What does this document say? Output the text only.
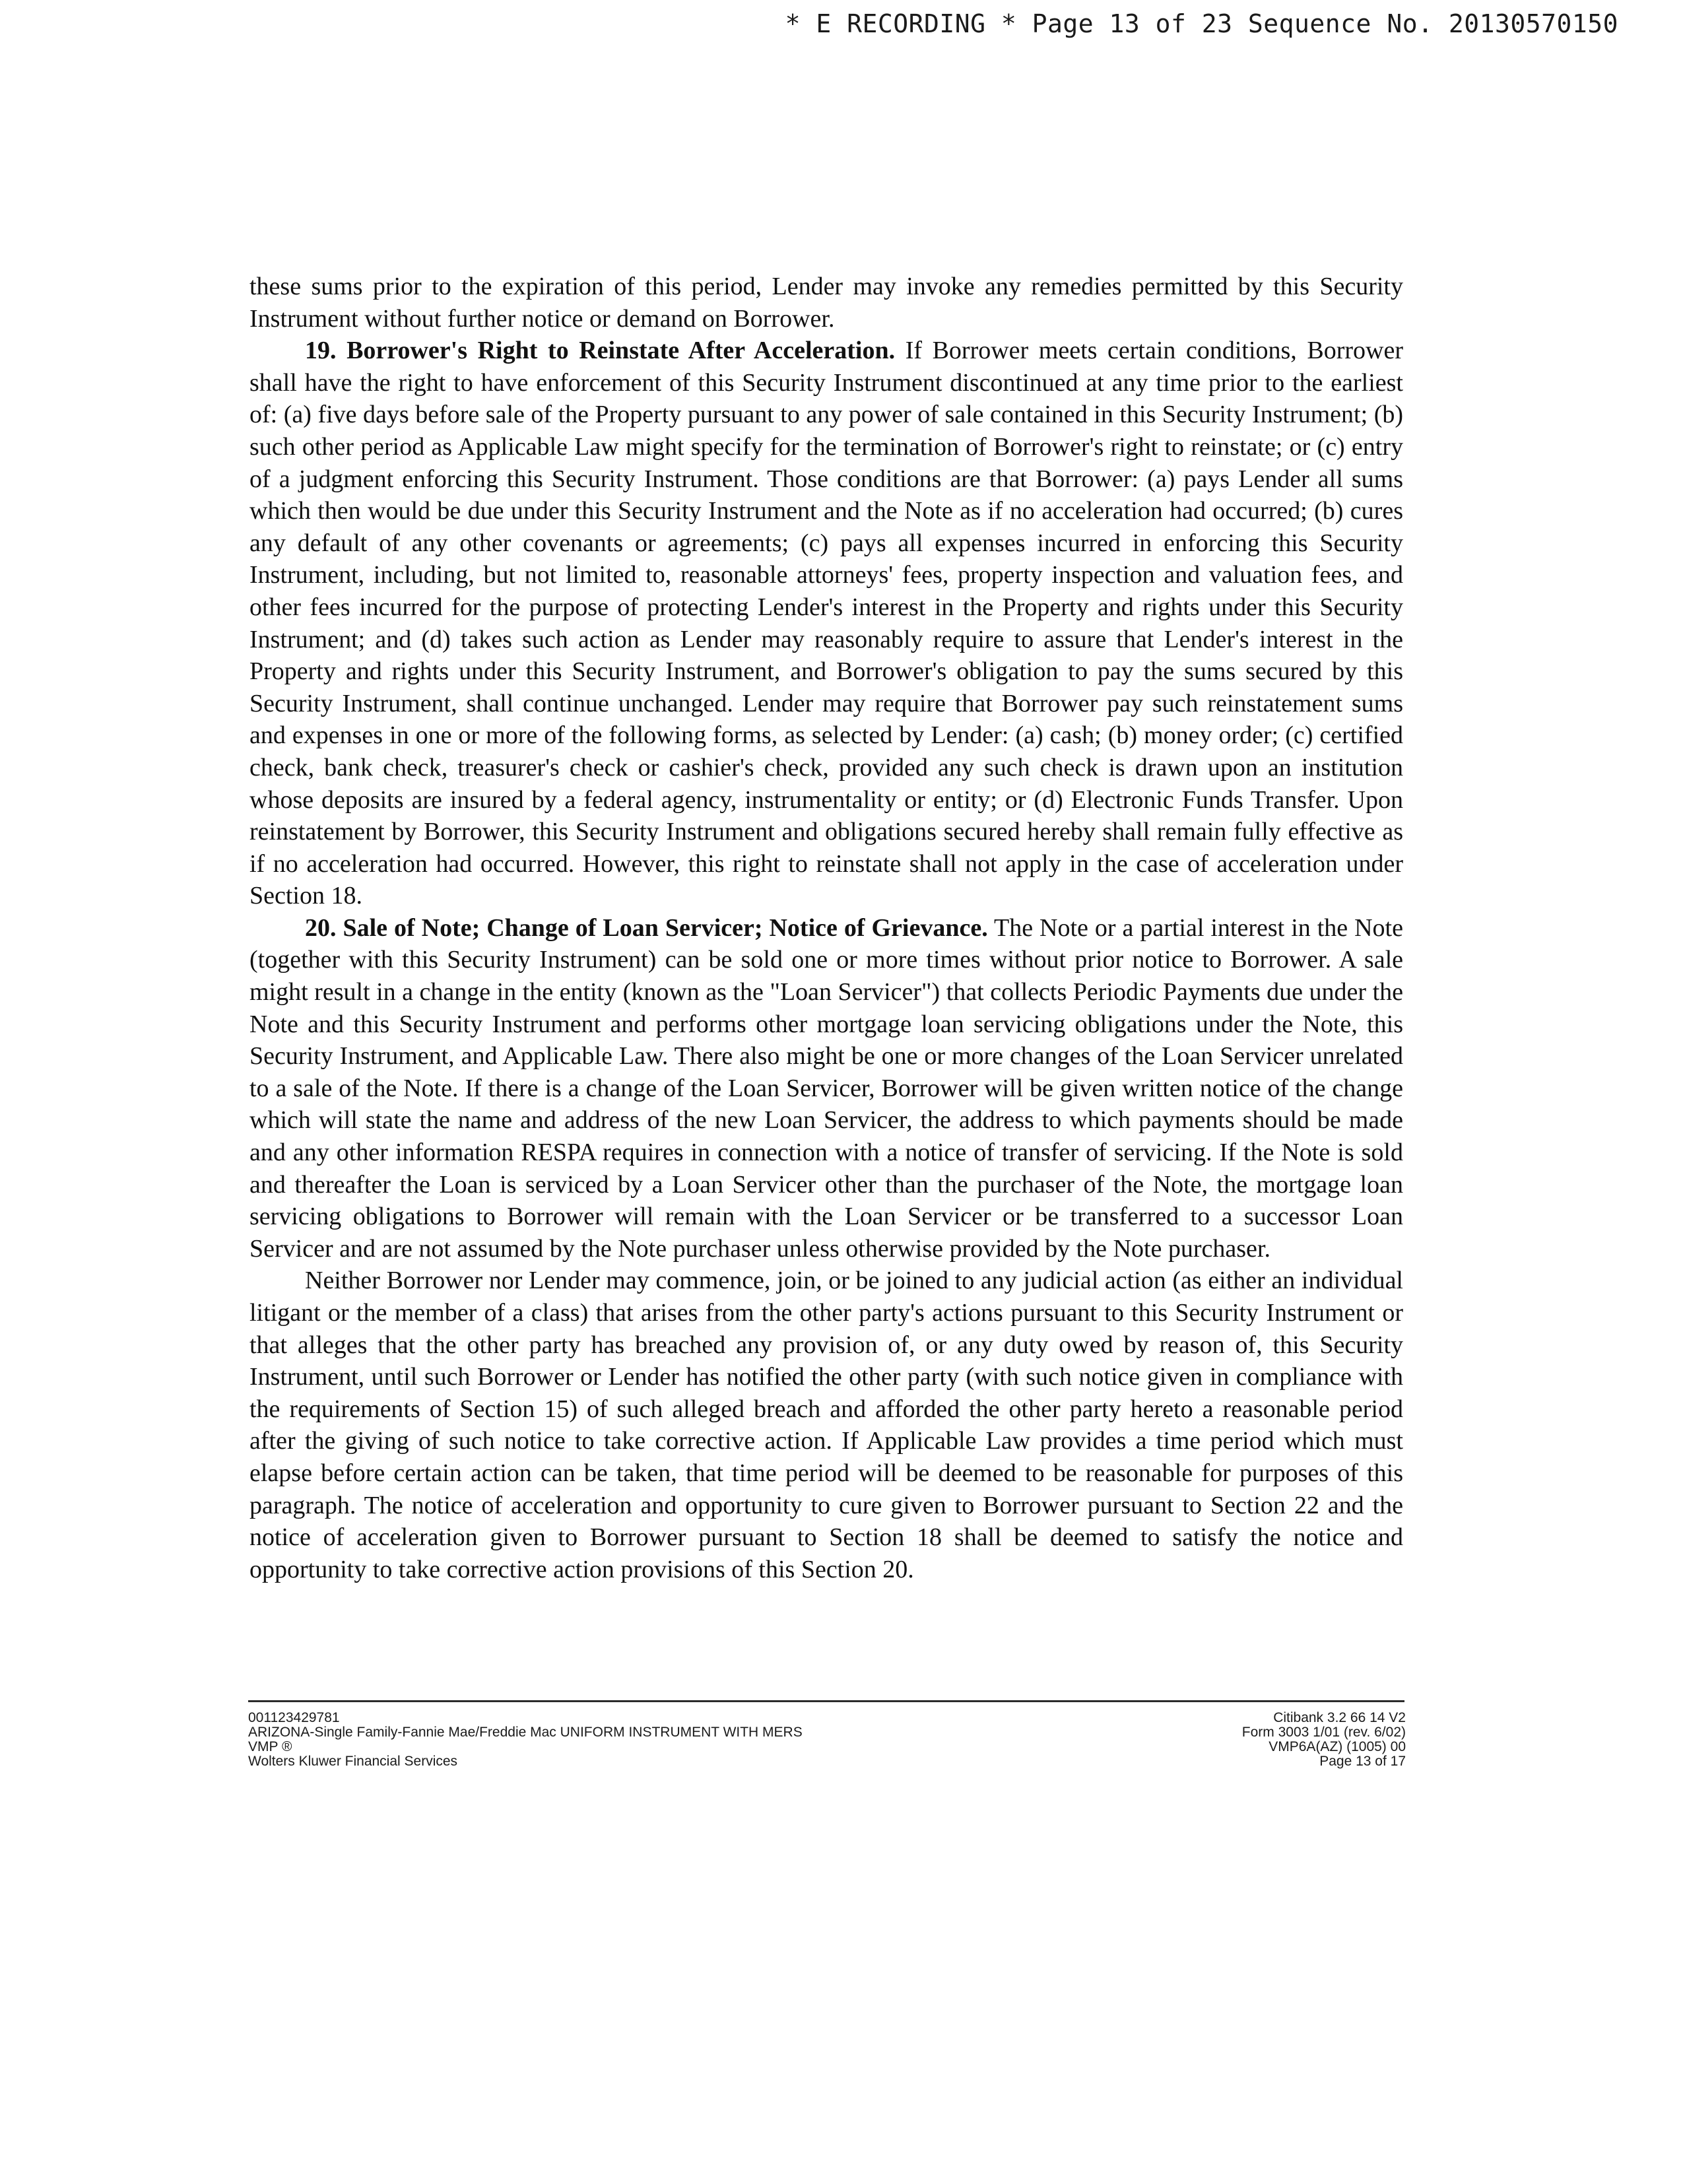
* E RECORDING * Page 13 of 23 Sequence No. 20130570150

these sums prior to the expiration of this period, Lender may invoke any remedies permitted by this Security Instrument without further notice or demand on Borrower.

19. Borrower's Right to Reinstate After Acceleration. If Borrower meets certain conditions, Borrower shall have the right to have enforcement of this Security Instrument discontinued at any time prior to the earliest of: (a) five days before sale of the Property pursuant to any power of sale contained in this Security Instrument; (b) such other period as Applicable Law might specify for the termination of Borrower's right to reinstate; or (c) entry of a judgment enforcing this Security Instrument. Those conditions are that Borrower: (a) pays Lender all sums which then would be due under this Security Instrument and the Note as if no acceleration had occurred; (b) cures any default of any other covenants or agreements; (c) pays all expenses incurred in enforcing this Security Instrument, including, but not limited to, reasonable attorneys' fees, property inspection and valuation fees, and other fees incurred for the purpose of protecting Lender's interest in the Property and rights under this Security Instrument; and (d) takes such action as Lender may reasonably require to assure that Lender's interest in the Property and rights under this Security Instrument, and Borrower's obligation to pay the sums secured by this Security Instrument, shall continue unchanged. Lender may require that Borrower pay such reinstatement sums and expenses in one or more of the following forms, as selected by Lender: (a) cash; (b) money order; (c) certified check, bank check, treasurer's check or cashier's check, provided any such check is drawn upon an institution whose deposits are insured by a federal agency, instrumentality or entity; or (d) Electronic Funds Transfer. Upon reinstatement by Borrower, this Security Instrument and obligations secured hereby shall remain fully effective as if no acceleration had occurred. However, this right to reinstate shall not apply in the case of acceleration under Section 18.

20. Sale of Note; Change of Loan Servicer; Notice of Grievance. The Note or a partial interest in the Note (together with this Security Instrument) can be sold one or more times without prior notice to Borrower. A sale might result in a change in the entity (known as the "Loan Servicer") that collects Periodic Payments due under the Note and this Security Instrument and performs other mortgage loan servicing obligations under the Note, this Security Instrument, and Applicable Law. There also might be one or more changes of the Loan Servicer unrelated to a sale of the Note. If there is a change of the Loan Servicer, Borrower will be given written notice of the change which will state the name and address of the new Loan Servicer, the address to which payments should be made and any other information RESPA requires in connection with a notice of transfer of servicing. If the Note is sold and thereafter the Loan is serviced by a Loan Servicer other than the purchaser of the Note, the mortgage loan servicing obligations to Borrower will remain with the Loan Servicer or be transferred to a successor Loan Servicer and are not assumed by the Note purchaser unless otherwise provided by the Note purchaser.

Neither Borrower nor Lender may commence, join, or be joined to any judicial action (as either an individual litigant or the member of a class) that arises from the other party's actions pursuant to this Security Instrument or that alleges that the other party has breached any provision of, or any duty owed by reason of, this Security Instrument, until such Borrower or Lender has notified the other party (with such notice given in compliance with the requirements of Section 15) of such alleged breach and afforded the other party hereto a reasonable period after the giving of such notice to take corrective action. If Applicable Law provides a time period which must elapse before certain action can be taken, that time period will be deemed to be reasonable for purposes of this paragraph. The notice of acceleration and opportunity to cure given to Borrower pursuant to Section 22 and the notice of acceleration given to Borrower pursuant to Section 18 shall be deemed to satisfy the notice and opportunity to take corrective action provisions of this Section 20.

001123429781
ARIZONA-Single Family-Fannie Mae/Freddie Mac UNIFORM INSTRUMENT WITH MERS
VMP ®
Wolters Kluwer Financial Services
Citibank 3.2 66 14 V2
Form 3003 1/01 (rev. 6/02)
VMP6A(AZ) (1005) 00
Page 13 of 17
